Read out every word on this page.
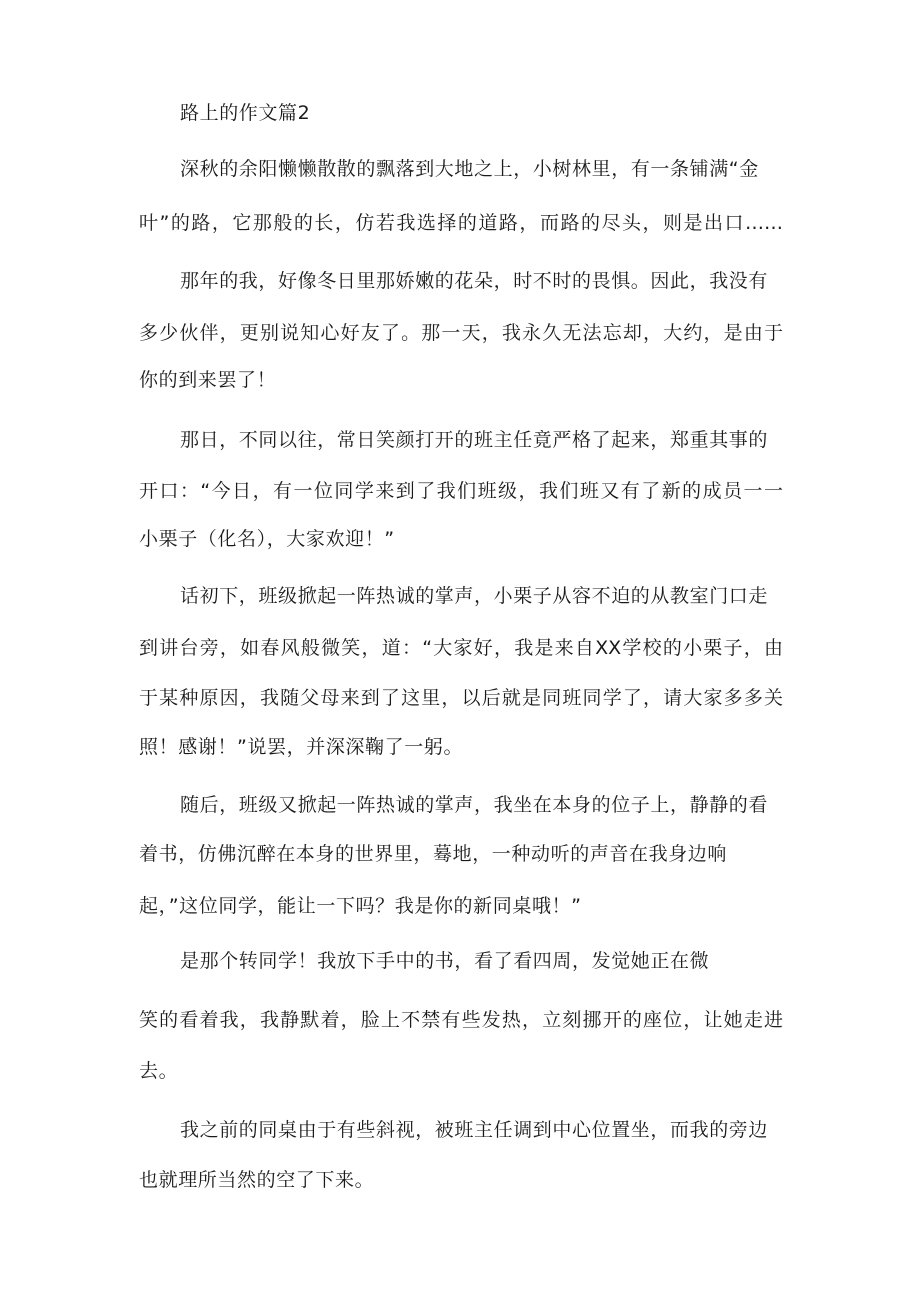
路上的作文篇2
深秋的余阳懒懒散散的飘落到大地之上，小树林里，有一条铺满“金
叶”的路，它那般的长，仿若我选择的道路，而路的尽头，则是出口……
那年的我，好像冬日里那娇嫩的花朵，时不时的畏惧。因此，我没有
多少伙伴，更别说知心好友了。那一天，我永久无法忘却，大约，是由于
你的到来罢了！
那日，不同以往，常日笑颜打开的班主任竟严格了起来，郑重其事的
开口：“今日，有一位同学来到了我们班级，我们班又有了新的成员一一
小栗子（化名），大家欢迎！”
话初下，班级掀起一阵热诚的掌声，小栗子从容不迫的从教室门口走
到讲台旁，如春风般微笑，道：“大家好，我是来自XX学校的小栗子，由
于某种原因，我随父母来到了这里，以后就是同班同学了，请大家多多关
照！感谢！”说罢，并深深鞠了一躬。
随后，班级又掀起一阵热诚的掌声，我坐在本身的位子上，静静的看
着书，仿佛沉醉在本身的世界里，蓦地，一种动听的声音在我身边响
起，”这位同学，能让一下吗？我是你的新同桌哦！”
是那个转同学！我放下手中的书，看了看四周，发觉她正在微
笑的看着我，我静默着，脸上不禁有些发热，立刻挪开的座位，让她走进
去。
我之前的同桌由于有些斜视，被班主任调到中心位置坐，而我的旁边
也就理所当然的空了下来。
